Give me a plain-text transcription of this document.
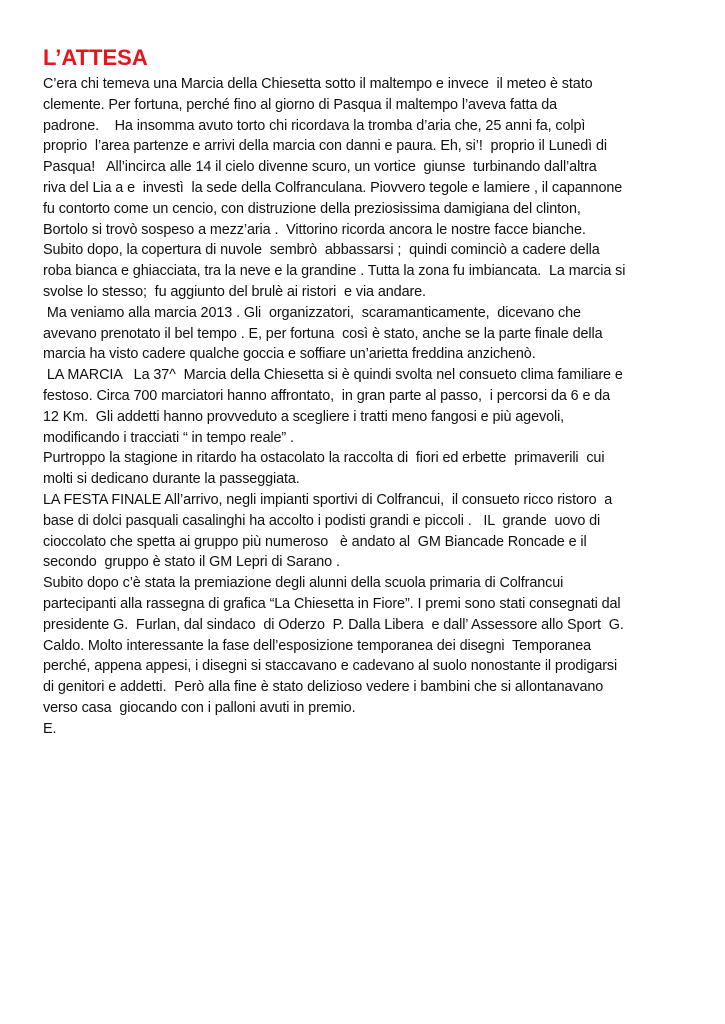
L’ATTESA
C’era chi temeva una Marcia della Chiesetta sotto il maltempo e invece  il meteo è stato
clemente. Per fortuna, perché fino al giorno di Pasqua il maltempo l’aveva fatta da
padrone.    Ha insomma avuto torto chi ricordava la tromba d’aria che, 25 anni fa, colpì
proprio  l’area partenze e arrivi della marcia con danni e paura. Eh, si’!  proprio il Lunedì di
Pasqua!   All’incirca alle 14 il cielo divenne scuro, un vortice  giunse  turbinando dall’altra
riva del Lia a e  investì  la sede della Colfranculana. Piovvero tegole e lamiere , il capannone
fu contorto come un cencio, con distruzione della preziosissima damigiana del clinton,
Bortolo si trovò sospeso a mezz’aria .  Vittorino ricorda ancora le nostre facce bianche.
Subito dopo, la copertura di nuvole  sembrò  abbassarsi ;  quindi cominciò a cadere della
roba bianca e ghiacciata, tra la neve e la grandine . Tutta la zona fu imbiancata.  La marcia si
svolse lo stesso;  fu aggiunto del brulè ai ristori  e via andare.
Ma veniamo alla marcia 2013 . Gli  organizzatori,  scaramanticamente,  dicevano che
avevano prenotato il bel tempo . E, per fortuna  così è stato, anche se la parte finale della
marcia ha visto cadere qualche goccia e soffiare un’arietta freddina anzichenò.
LA MARCIA   La 37^  Marcia della Chiesetta si è quindi svolta nel consueto clima familiare e
festoso. Circa 700 marciatori hanno affrontato,  in gran parte al passo,  i percorsi da 6 e da
12 Km.  Gli addetti hanno provveduto a scegliere i tratti meno fangosi e più agevoli,
modificando i tracciati “ in tempo reale” .
Purtroppo la stagione in ritardo ha ostacolato la raccolta di  fiori ed erbette  primaverili  cui
molti si dedicano durante la passeggiata.
LA FESTA FINALE All’arrivo, negli impianti sportivi di Colfrancui,  il consueto ricco ristoro  a
base di dolci pasquali casalinghi ha accolto i podisti grandi e piccoli .   IL  grande  uovo di
cioccolato che spetta ai gruppo più numeroso   è andato al  GM Biancade Roncade e il
secondo  gruppo è stato il GM Lepri di Sarano .
Subito dopo c’è stata la premiazione degli alunni della scuola primaria di Colfrancui
partecipanti alla rassegna di grafica “La Chiesetta in Fiore”. I premi sono stati consegnati dal
presidente G.  Furlan, dal sindaco  di Oderzo  P. Dalla Libera  e dall’ Assessore allo Sport  G.
Caldo. Molto interessante la fase dell’esposizione temporanea dei disegni  Temporanea
perché, appena appesi, i disegni si staccavano e cadevano al suolo nonostante il prodigarsi
di genitori e addetti.  Però alla fine è stato delizioso vedere i bambini che si allontanavano
verso casa  giocando con i palloni avuti in premio.
E.
